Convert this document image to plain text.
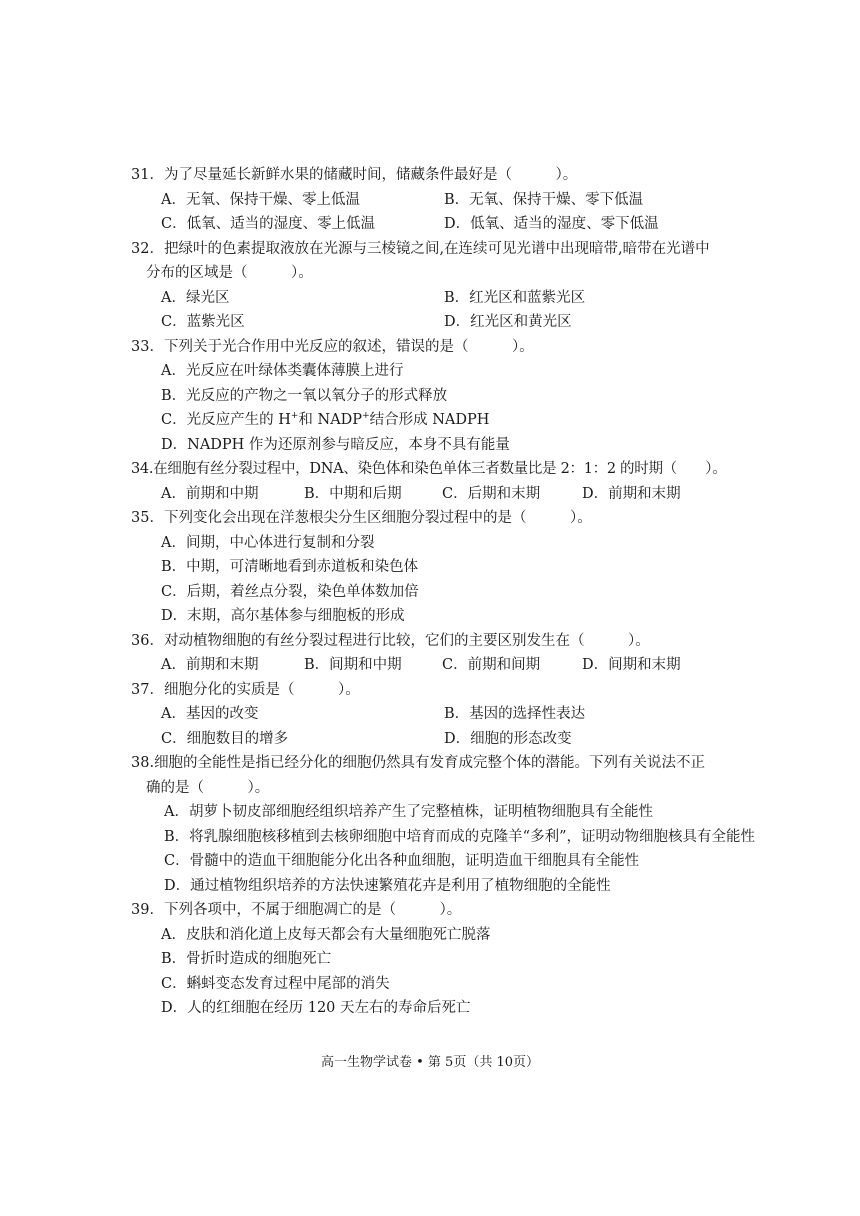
31．为了尽量延长新鲜水果的储藏时间，储藏条件最好是（　　　）。
A．无氧、保持干燥、零上低温	B．无氧、保持干燥、零下低温
C．低氧、适当的湿度、零上低温	D．低氧、适当的湿度、零下低温
32．把绿叶的色素提取液放在光源与三棱镜之间,在连续可见光谱中出现暗带,暗带在光谱中
分布的区域是（　　　）。
A．绿光区	B．红光区和蓝紫光区
C．蓝紫光区	D．红光区和黄光区
33．下列关于光合作用中光反应的叙述，错误的是（　　　）。
A．光反应在叶绿体类囊体薄膜上进行
B．光反应的产物之一氧以氧分子的形式释放
C．光反应产生的 H+和 NADP+结合形成 NADPH
D．NADPH 作为还原剂参与暗反应，本身不具有能量
34.在细胞有丝分裂过程中，DNA、染色体和染色单体三者数量比是 2：1：2 的时期（　　）。
A．前期和中期	B．中期和后期	C．后期和末期	D．前期和末期
35．下列变化会出现在洋葱根尖分生区细胞分裂过程中的是（　　　）。
A．间期，中心体进行复制和分裂
B．中期，可清晰地看到赤道板和染色体
C．后期，着丝点分裂，染色单体数加倍
D．末期，高尔基体参与细胞板的形成
36．对动植物细胞的有丝分裂过程进行比较，它们的主要区别发生在（　　　）。
A．前期和末期	B．间期和中期	C．前期和间期	D．间期和末期
37．细胞分化的实质是（　　　）。
A．基因的改变	B．基因的选择性表达
C．细胞数目的增多	D．细胞的形态改变
38.细胞的全能性是指已经分化的细胞仍然具有发育成完整个体的潜能。下列有关说法不正
确的是（　　　）。
A．胡萝卜韧皮部细胞经组织培养产生了完整植株，证明植物细胞具有全能性
B．将乳腺细胞核移植到去核卵细胞中培育而成的克隆羊“多利”，证明动物细胞核具有全能性
C．骨髓中的造血干细胞能分化出各种血细胞，证明造血干细胞具有全能性
D．通过植物组织培养的方法快速繁殖花卉是利用了植物细胞的全能性
39．下列各项中，不属于细胞凋亡的是（　　　）。
A．皮肤和消化道上皮每天都会有大量细胞死亡脱落
B．骨折时造成的细胞死亡
C．蝌蚪变态发育过程中尾部的消失
D．人的红细胞在经历 120 天左右的寿命后死亡
高一生物学试卷 • 第 5页（共 10页）
